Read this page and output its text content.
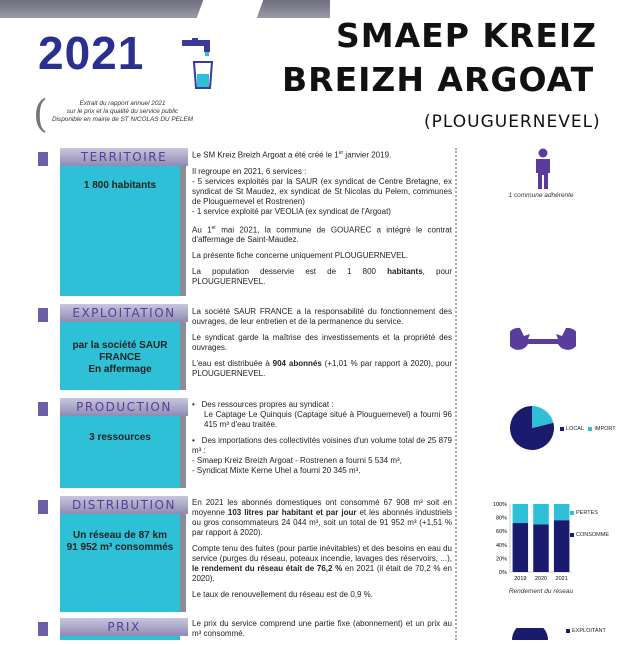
2021	SMAEP KREIZ
BREIZH ARGOAT
(PLOUGUERNEVEL)
(	Extrait du rapport annuel 2021
sur le prix et la qualité du service public
Disponible en mairie de ST NICOLAS DU PELEM
TERRITOIRE
EXPLOITATION
PRODUCTION
DISTRIBUTION
PRIX
1 800 habitants
par la société SAUR
FRANCE
En affermage
3 ressources
Un réseau de 87 km
91 952 m³ consommés

Le SM Kreiz Breizh Argoat a été créé le 1er janvier 2019.

Il regroupe en 2021, 6 services :

- 5 services exploités par la SAUR (ex syndicat de Centre Bretagne, ex syndicat de St Maudez, ex syndicat de St Nicolas du Pelem, communes de Plouguernevel et Rostrenen)

- 1 service exploité par VEOLIA (ex syndicat de l'Argoat)

Au 1er mai 2021, la commune de GOUAREC a intégré le contrat d'affermage de Saint-Maudez.

La présente fiche concerne uniquement PLOUGUERNEVEL.

La population desservie est de 1 800 habitants, pour PLOUGUERNEVEL.

La société SAUR FRANCE a la responsabilité du fonctionnement des ouvrages, de leur entretien et de la permanence du service.

Le syndicat garde la maîtrise des investissements et la propriété des ouvrages.

L'eau est distribuée à 904 abonnés (+1,01 % par rapport à 2020), pour PLOUGUERNEVEL.

•   Des ressources propres au syndicat :

Le Captage Le Quinquis (Captage situé à Plouguernevel) a fourni 96 415 m³ d'eau traitée.

•   Des importations des collectivités voisines d'un volume total de 25 879 m³ :

- Smaep Kreiz Breizh Argoat - Rostrenen a fourni 5 534 m³,

- Syndicat Mixte Kerne Uhel a fourni 20 345 m³.

En 2021 les abonnés domestiques ont consommé 67 908 m³ soit en moyenne 103 litres par habitant et par jour et les abonnés industriels ou gros consommateurs 24 044 m³, soit un total de 91 952 m³ (+1,51 % par rapport à 2020).

Compte tenu des fuites (pour partie inévitables) et des besoins en eau du service (purges du réseau, poteaux incendie, lavages des réservoirs, ...), le rendement du réseau était de 76,2 % en 2021 (il était de 70,2 % en 2020).

Le taux de renouvellement du réseau est de 0,9 %.

Le prix du service comprend une partie fixe (abonnement) et un prix au m³ consommé.

1 commune adhérente
LOCAL IMPORT
100%
80%
60%
40%
20%
0%
2019 2020 2021
PERTES
CONSOMME
Rendement du réseau
EXPLOITANT
